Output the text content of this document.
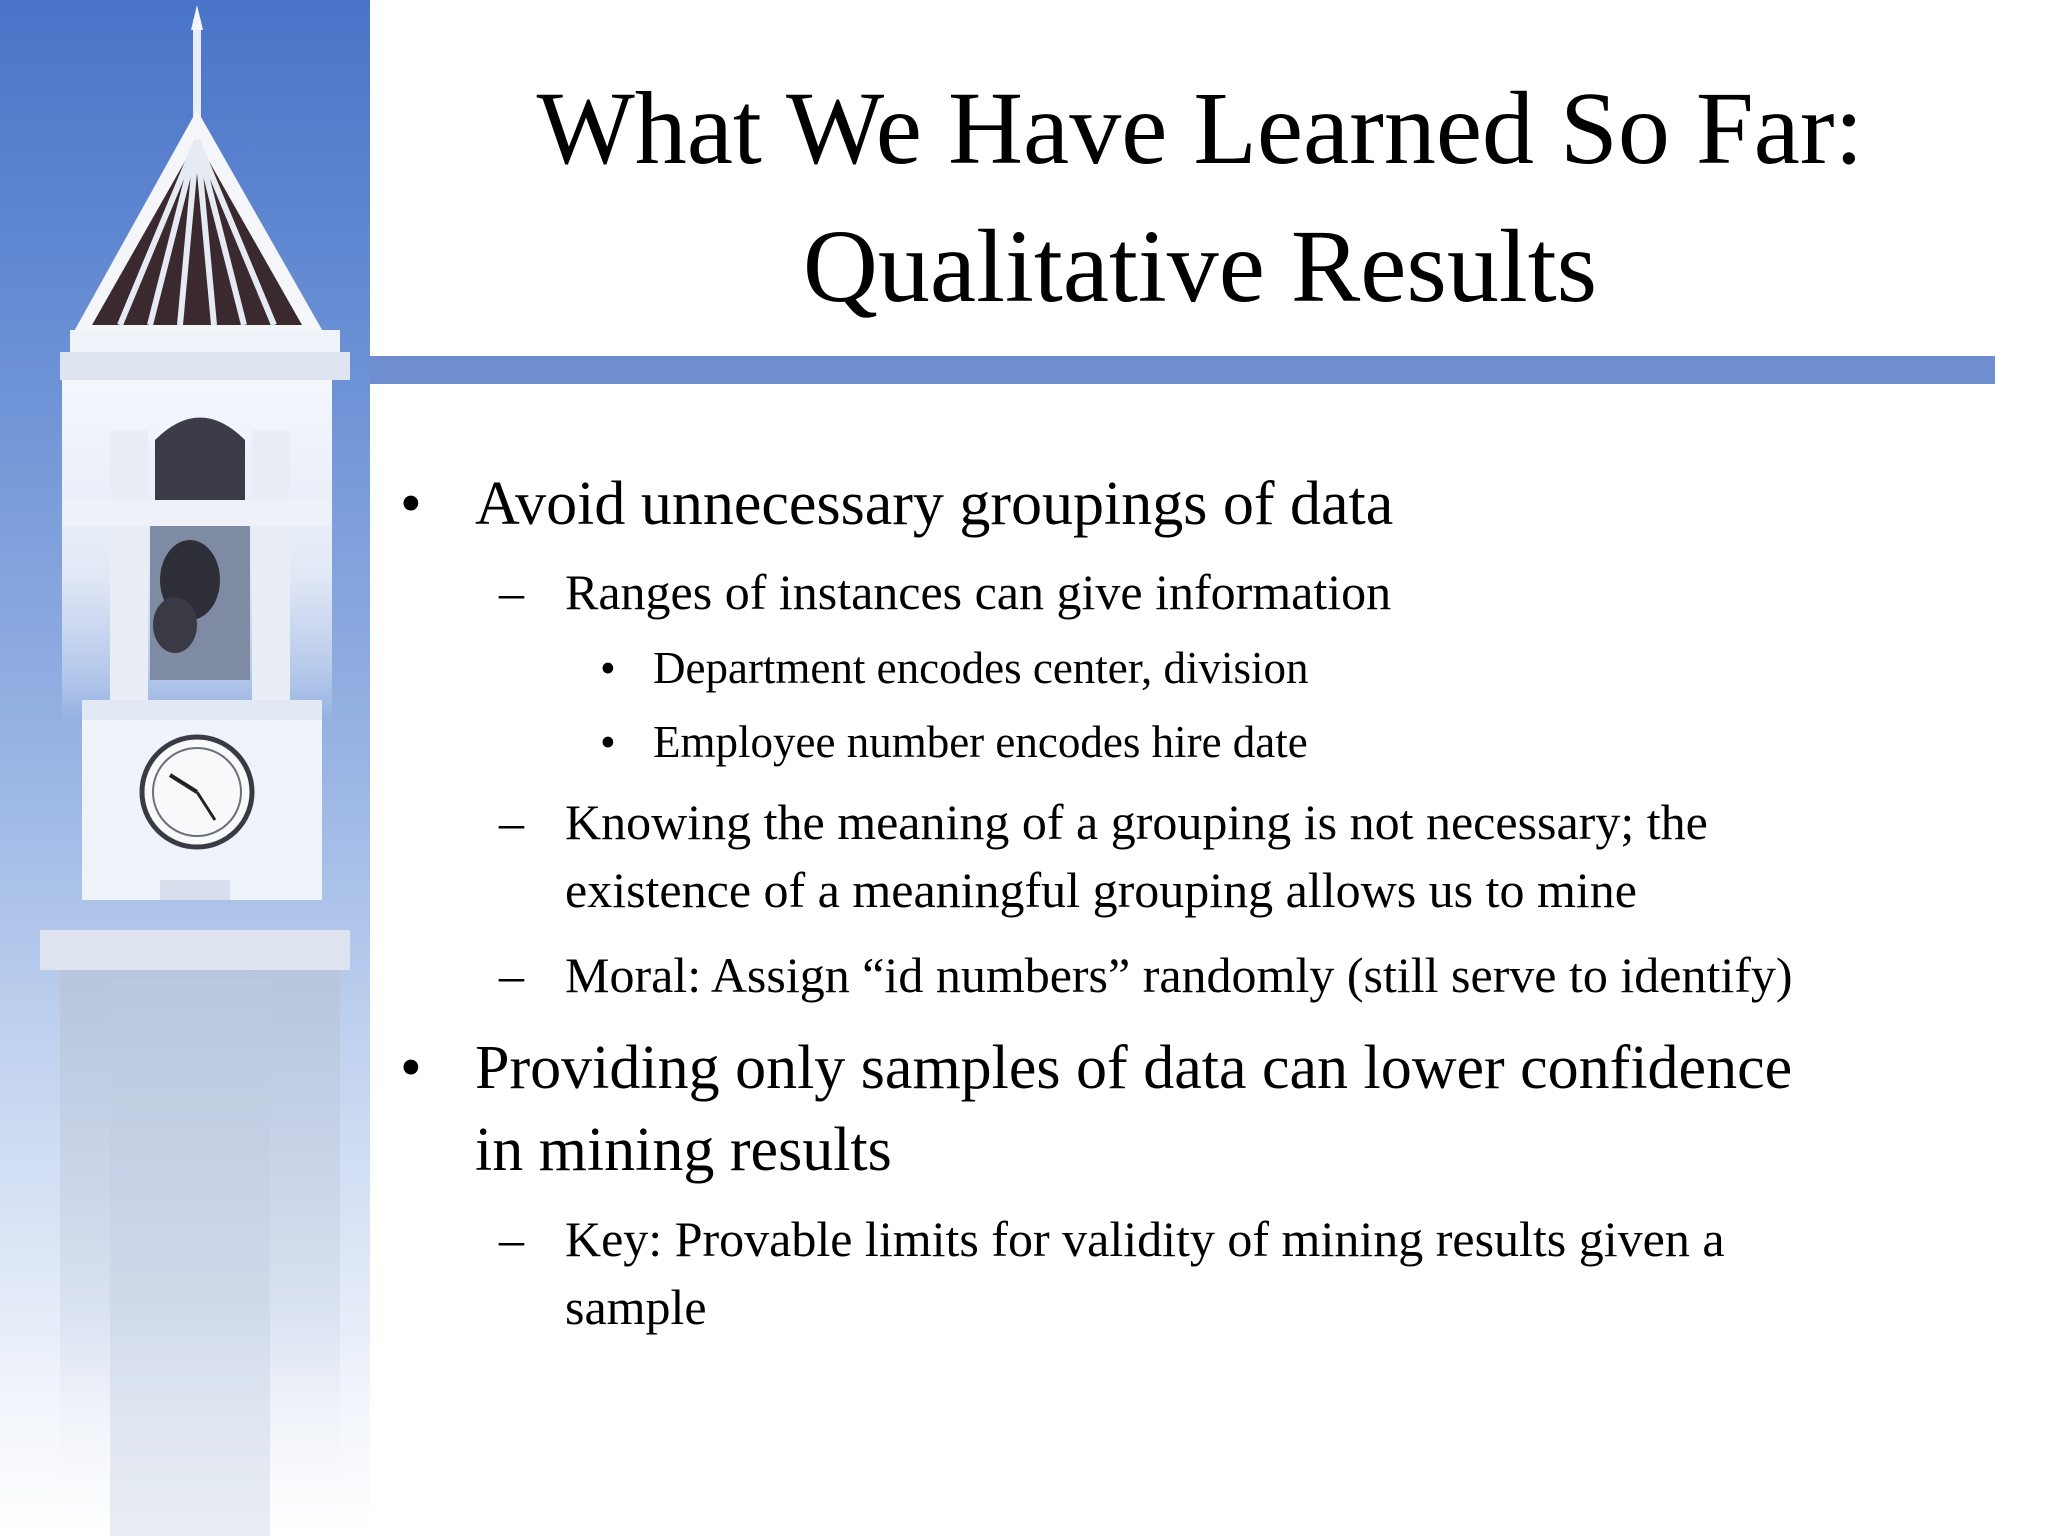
What We Have Learned So Far:
Qualitative Results
• Avoid unnecessary groupings of data
– Ranges of instances can give information
• Department encodes center, division
• Employee number encodes hire date
– Knowing the meaning of a grouping is not necessary; the
existence of a meaningful grouping allows us to mine
– Moral: Assign “id numbers” randomly (still serve to identify)
• Providing only samples of data can lower confidence
in mining results
– Key: Provable limits for validity of mining results given a
sample
